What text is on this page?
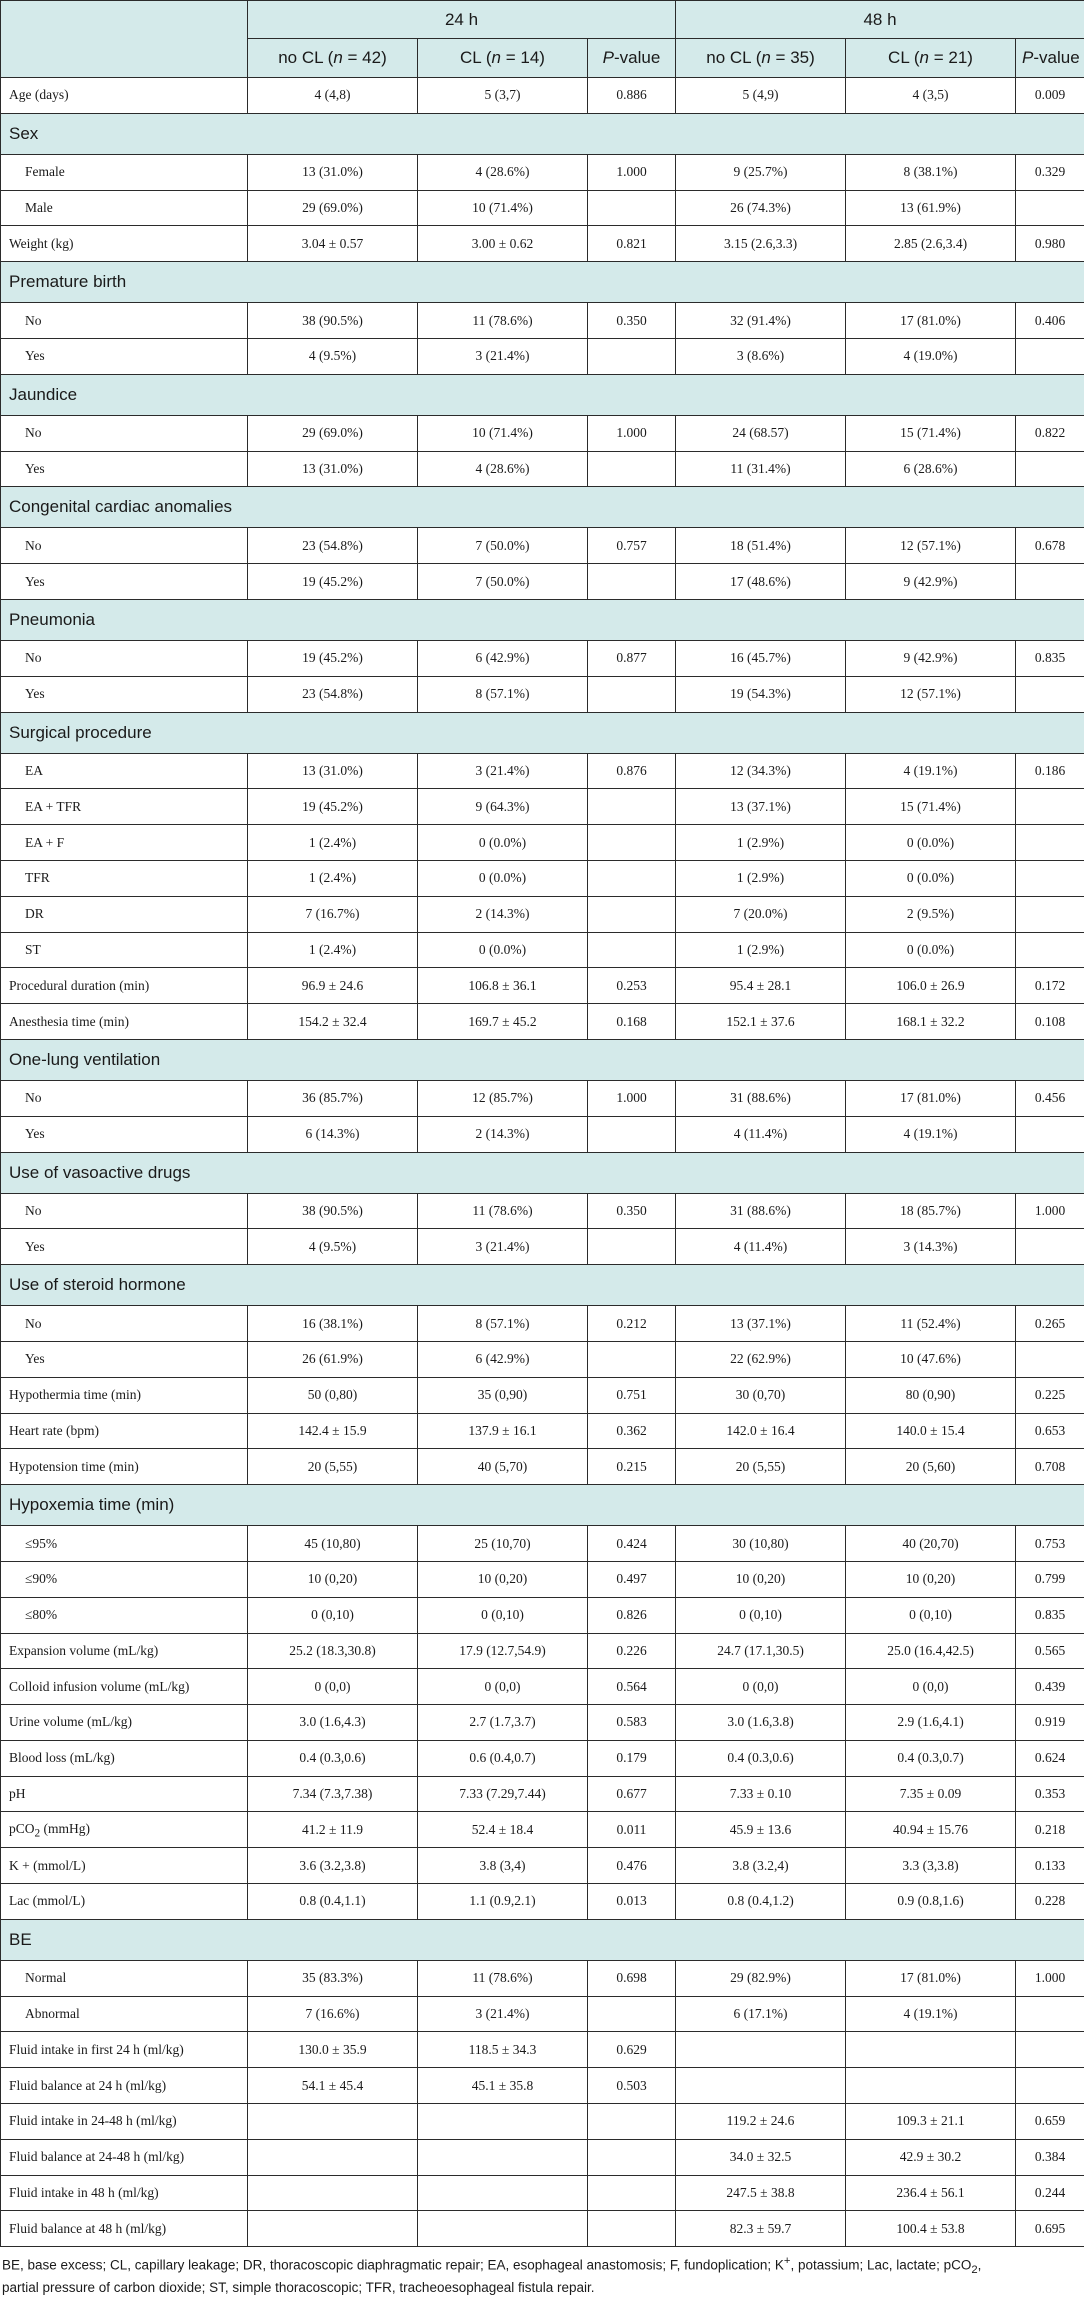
	24 h			48 h		
	no CL (n = 42)	CL (n = 14)	P-value	no CL (n = 35)	CL (n = 21)	P-value
Age (days)	4 (4,8)	5 (3,7)	0.886	5 (4,9)	4 (3,5)	0.009
Sex						
Female	13 (31.0%)	4 (28.6%)	1.000	9 (25.7%)	8 (38.1%)	0.329
Male	29 (69.0%)	10 (71.4%)		26 (74.3%)	13 (61.9%)	
Weight (kg)	3.04 ± 0.57	3.00 ± 0.62	0.821	3.15 (2.6,3.3)	2.85 (2.6,3.4)	0.980
Premature birth						
No	38 (90.5%)	11 (78.6%)	0.350	32 (91.4%)	17 (81.0%)	0.406
Yes	4 (9.5%)	3 (21.4%)		3 (8.6%)	4 (19.0%)	
Jaundice						
No	29 (69.0%)	10 (71.4%)	1.000	24 (68.57)	15 (71.4%)	0.822
Yes	13 (31.0%)	4 (28.6%)		11 (31.4%)	6 (28.6%)	
Congenital cardiac anomalies						
No	23 (54.8%)	7 (50.0%)	0.757	18 (51.4%)	12 (57.1%)	0.678
Yes	19 (45.2%)	7 (50.0%)		17 (48.6%)	9 (42.9%)	
Pneumonia						
No	19 (45.2%)	6 (42.9%)	0.877	16 (45.7%)	9 (42.9%)	0.835
Yes	23 (54.8%)	8 (57.1%)		19 (54.3%)	12 (57.1%)	
Surgical procedure						
EA	13 (31.0%)	3 (21.4%)	0.876	12 (34.3%)	4 (19.1%)	0.186
EA + TFR	19 (45.2%)	9 (64.3%)		13 (37.1%)	15 (71.4%)	
EA + F	1 (2.4%)	0 (0.0%)		1 (2.9%)	0 (0.0%)	
TFR	1 (2.4%)	0 (0.0%)		1 (2.9%)	0 (0.0%)	
DR	7 (16.7%)	2 (14.3%)		7 (20.0%)	2 (9.5%)	
ST	1 (2.4%)	0 (0.0%)		1 (2.9%)	0 (0.0%)	
Procedural duration (min)	96.9 ± 24.6	106.8 ± 36.1	0.253	95.4 ± 28.1	106.0 ± 26.9	0.172
Anesthesia time (min)	154.2 ± 32.4	169.7 ± 45.2	0.168	152.1 ± 37.6	168.1 ± 32.2	0.108
One-lung ventilation						
No	36 (85.7%)	12 (85.7%)	1.000	31 (88.6%)	17 (81.0%)	0.456
Yes	6 (14.3%)	2 (14.3%)		4 (11.4%)	4 (19.1%)	
Use of vasoactive drugs						
No	38 (90.5%)	11 (78.6%)	0.350	31 (88.6%)	18 (85.7%)	1.000
Yes	4 (9.5%)	3 (21.4%)		4 (11.4%)	3 (14.3%)	
Use of steroid hormone						
No	16 (38.1%)	8 (57.1%)	0.212	13 (37.1%)	11 (52.4%)	0.265
Yes	26 (61.9%)	6 (42.9%)		22 (62.9%)	10 (47.6%)	
Hypothermia time (min)	50 (0,80)	35 (0,90)	0.751	30 (0,70)	80 (0,90)	0.225
Heart rate (bpm)	142.4 ± 15.9	137.9 ± 16.1	0.362	142.0 ± 16.4	140.0 ± 15.4	0.653
Hypotension time (min)	20 (5,55)	40 (5,70)	0.215	20 (5,55)	20 (5,60)	0.708
Hypoxemia time (min)						
≤95%	45 (10,80)	25 (10,70)	0.424	30 (10,80)	40 (20,70)	0.753
≤90%	10 (0,20)	10 (0,20)	0.497	10 (0,20)	10 (0,20)	0.799
≤80%	0 (0,10)	0 (0,10)	0.826	0 (0,10)	0 (0,10)	0.835
Expansion volume (mL/kg)	25.2 (18.3,30.8)	17.9 (12.7,54.9)	0.226	24.7 (17.1,30.5)	25.0 (16.4,42.5)	0.565
Colloid infusion volume (mL/kg)	0 (0,0)	0 (0,0)	0.564	0 (0,0)	0 (0,0)	0.439
Urine volume (mL/kg)	3.0 (1.6,4.3)	2.7 (1.7,3.7)	0.583	3.0 (1.6,3.8)	2.9 (1.6,4.1)	0.919
Blood loss (mL/kg)	0.4 (0.3,0.6)	0.6 (0.4,0.7)	0.179	0.4 (0.3,0.6)	0.4 (0.3,0.7)	0.624
pH	7.34 (7.3,7.38)	7.33 (7.29,7.44)	0.677	7.33 ± 0.10	7.35 ± 0.09	0.353
pCO$_2$ (mmHg)	41.2 ± 11.9	52.4 ± 18.4	0.011	45.9 ± 13.6	40.94 ± 15.76	0.218
K + (mmol/L)	3.6 (3.2,3.8)	3.8 (3,4)	0.476	3.8 (3.2,4)	3.3 (3,3.8)	0.133
Lac (mmol/L)	0.8 (0.4,1.1)	1.1 (0.9,2.1)	0.013	0.8 (0.4,1.2)	0.9 (0.8,1.6)	0.228
BE						
Normal	35 (83.3%)	11 (78.6%)	0.698	29 (82.9%)	17 (81.0%)	1.000
Abnormal	7 (16.6%)	3 (21.4%)		6 (17.1%)	4 (19.1%)	
Fluid intake in first 24 h (ml/kg)	130.0 ± 35.9	118.5 ± 34.3	0.629			
Fluid balance at 24 h (ml/kg)	54.1 ± 45.4	45.1 ± 35.8	0.503			
Fluid intake in 24-48 h (ml/kg)				119.2 ± 24.6	109.3 ± 21.1	0.659
Fluid balance at 24-48 h (ml/kg)				34.0 ± 32.5	42.9 ± 30.2	0.384
Fluid intake in 48 h (ml/kg)				247.5 ± 38.8	236.4 ± 56.1	0.244
Fluid balance at 48 h (ml/kg)				82.3 ± 59.7	100.4 ± 53.8	0.695
BE, base excess; CL, capillary leakage; DR, thoracoscopic diaphragmatic repair; EA, esophageal anastomosis; F, fundoplication; K+, potassium; Lac, lactate; pCO$_2$,
partial pressure of carbon dioxide; ST, simple thoracoscopic; TFR, tracheoesophageal fistula repair.
